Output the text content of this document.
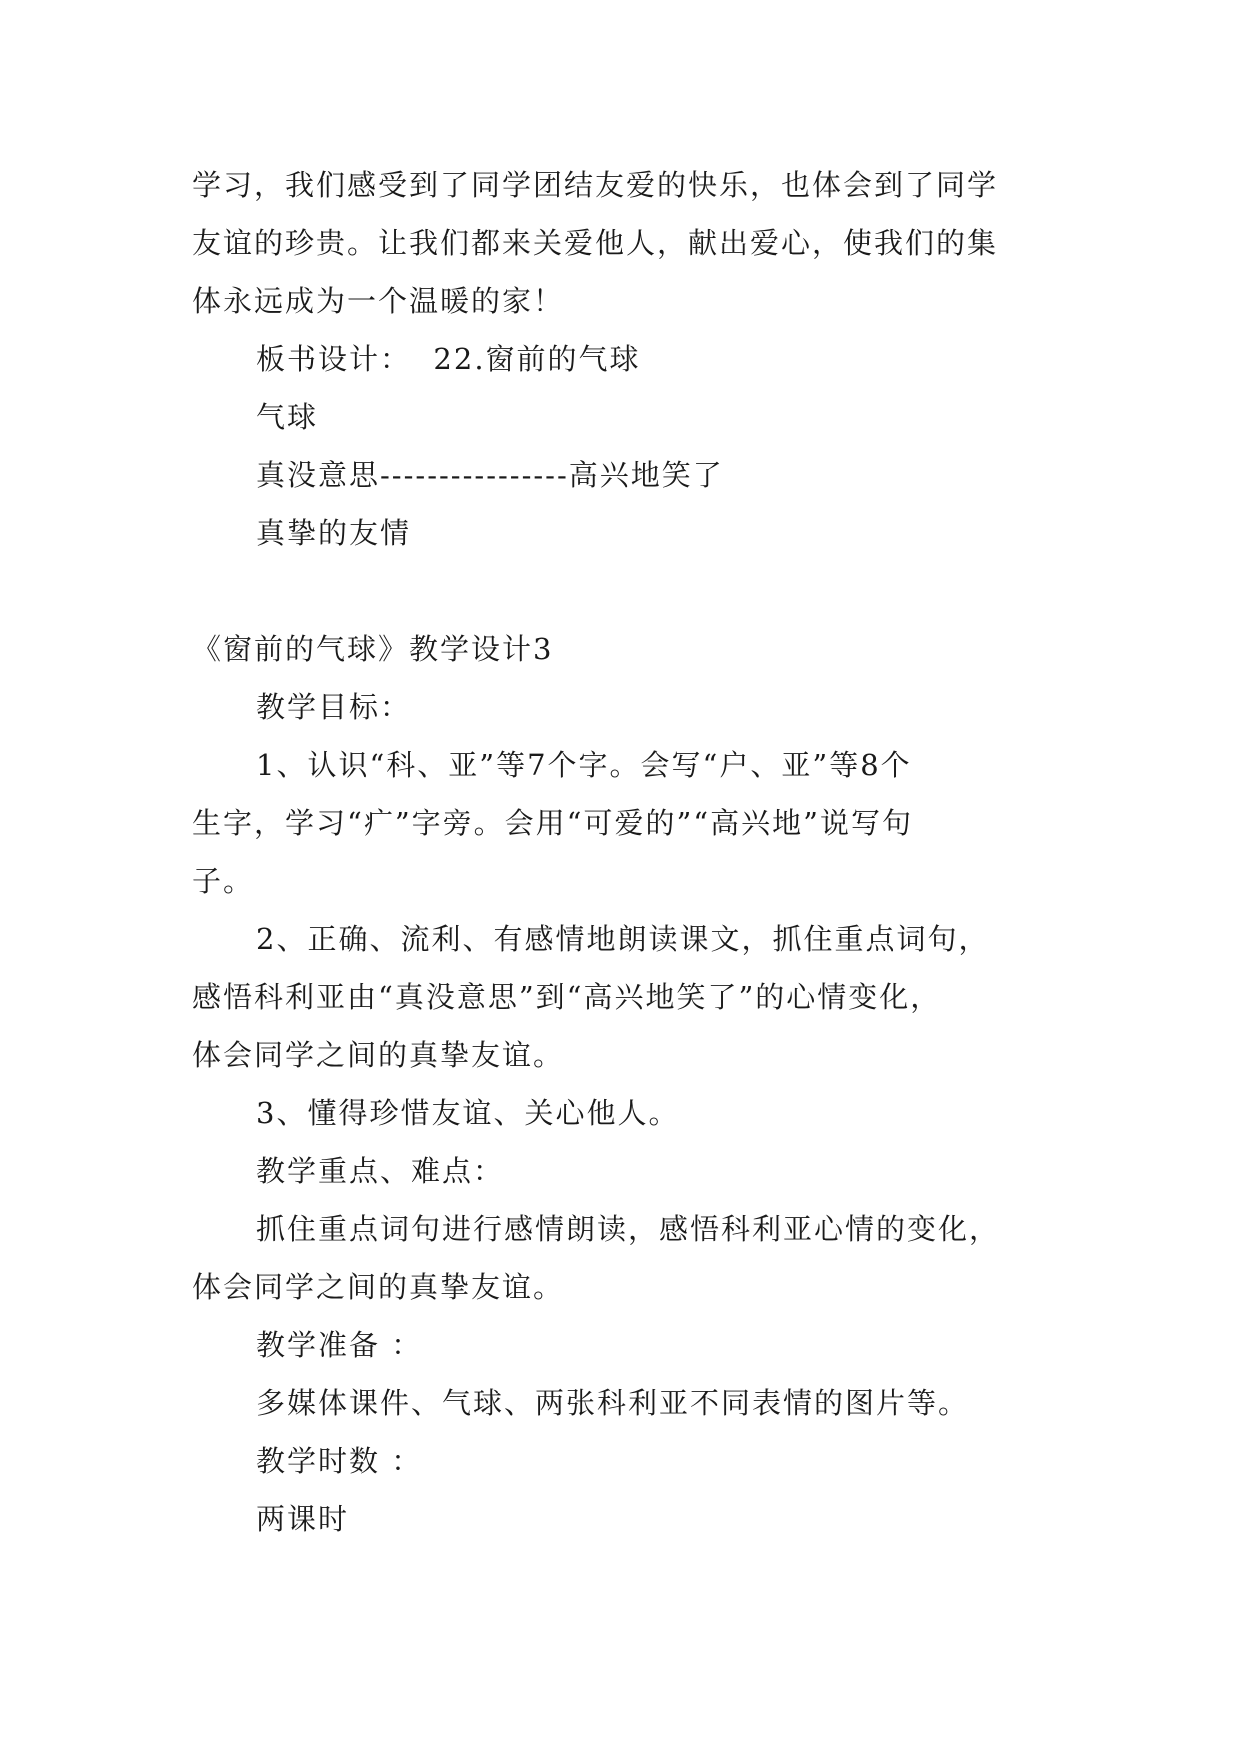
学习，我们感受到了同学团结友爱的快乐，也体会到了同学
友谊的珍贵。让我们都来关爱他人，献出爱心，使我们的集
体永远成为一个温暖的家！
板书设计：  22.窗前的气球
气球
真没意思----------------高兴地笑了
真挚的友情
《窗前的气球》教学设计3
教学目标：
1、认识“科、亚”等7个字。会写“户、亚”等8个
生字，学习“疒”字旁。会用“可爱的”“高兴地”说写句
子。
2、正确、流利、有感情地朗读课文，抓住重点词句，
感悟科利亚由“真没意思”到“高兴地笑了”的心情变化，
体会同学之间的真挚友谊。
3、懂得珍惜友谊、关心他人。
教学重点、难点：
抓住重点词句进行感情朗读，感悟科利亚心情的变化，
体会同学之间的真挚友谊。
教学准备 ：
多媒体课件、气球、两张科利亚不同表情的图片等。
教学时数 ：
两课时
